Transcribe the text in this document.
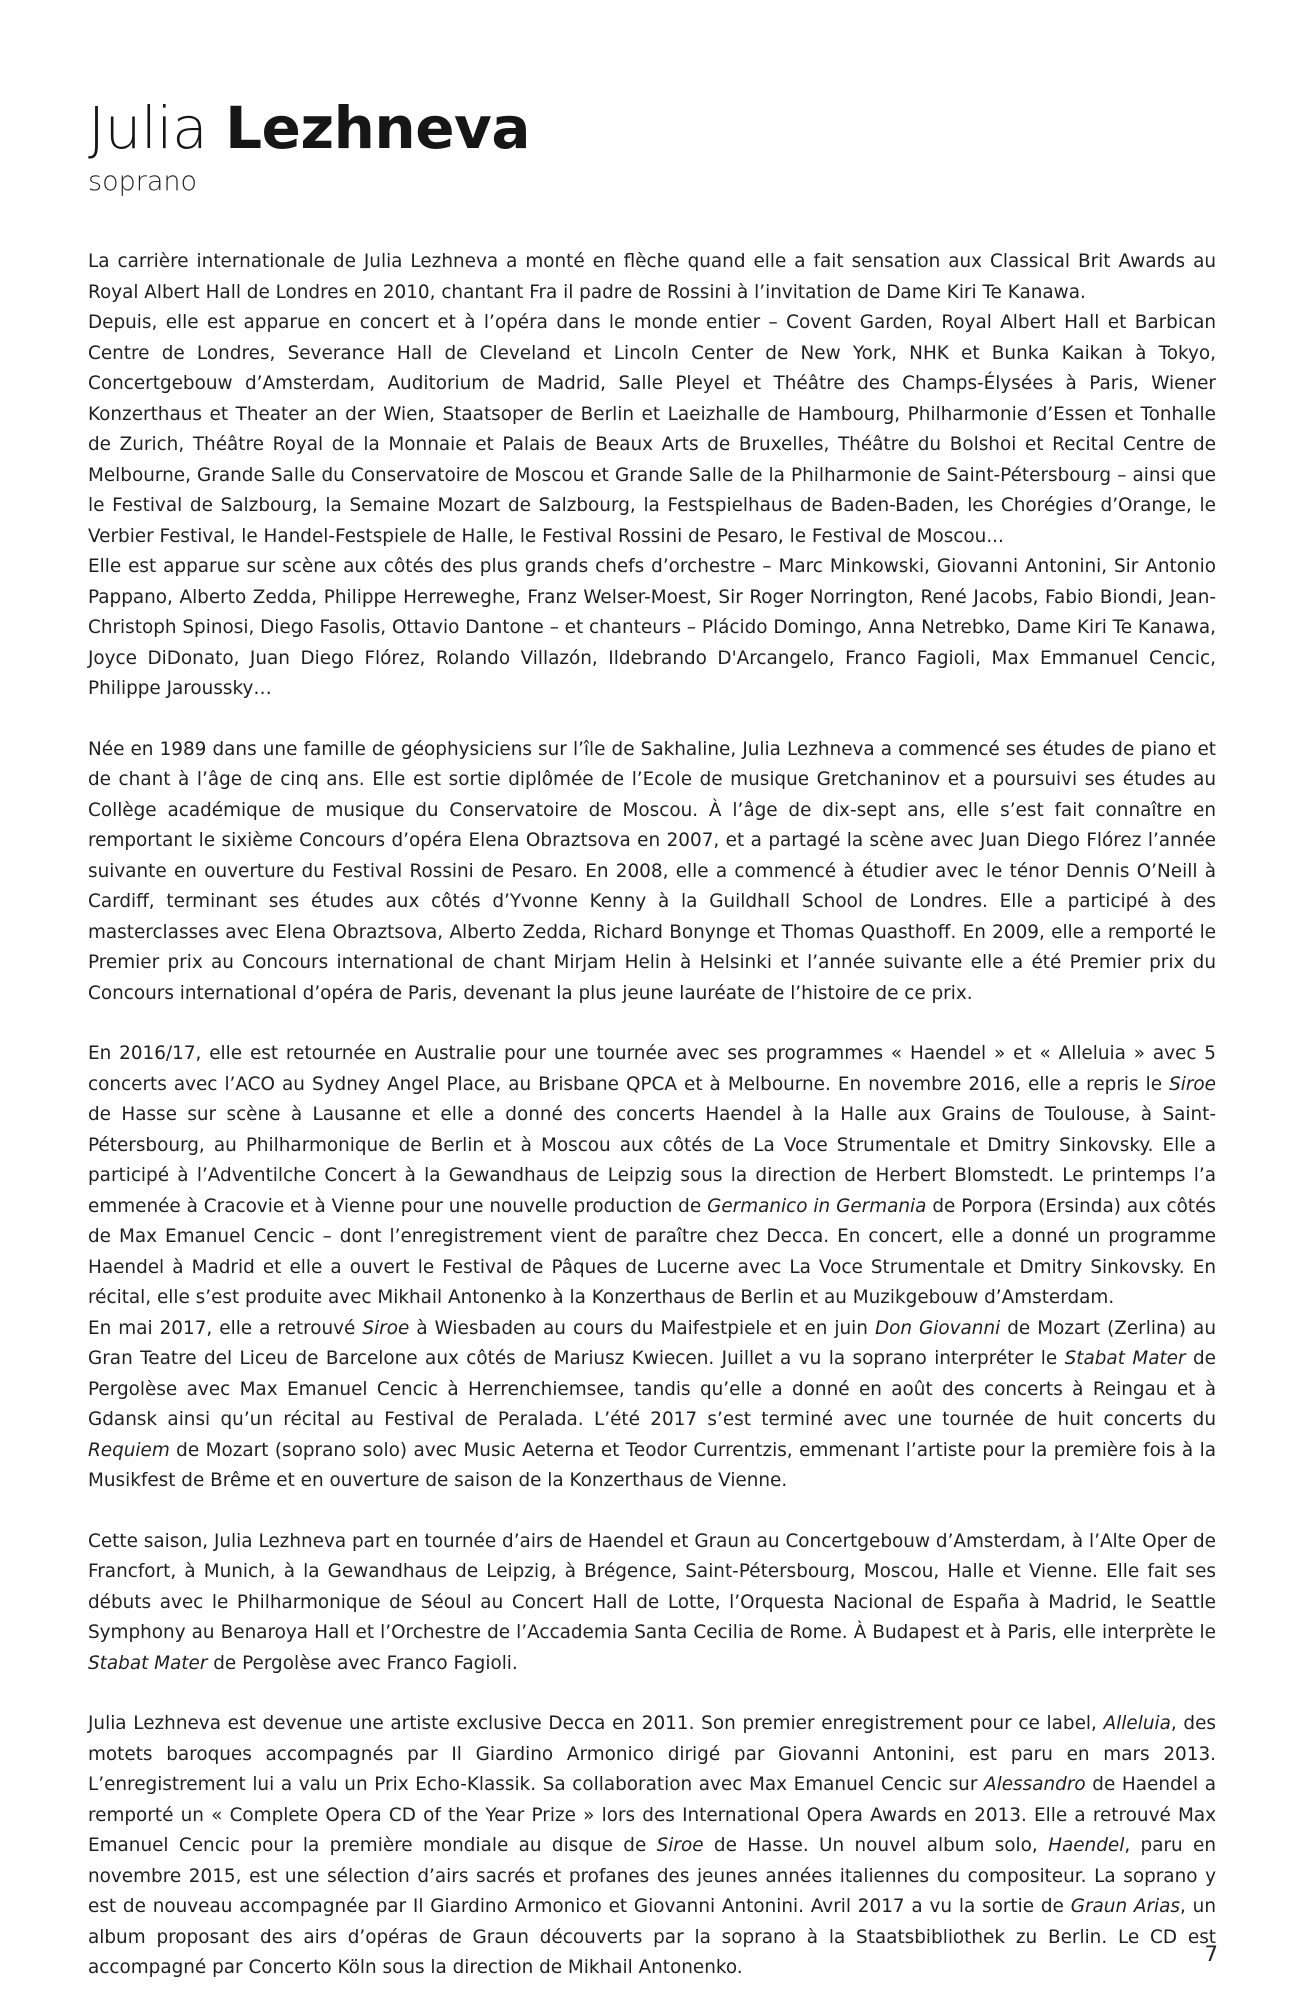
Julia Lezhneva

soprano

La carrière internationale de Julia Lezhneva a monté en flèche quand elle a fait sensation aux Classical Brit Awards au Royal Albert Hall de Londres en 2010, chantant Fra il padre de Rossini à l’invitation de Dame Kiri Te Kanawa.

Depuis, elle est apparue en concert et à l’opéra dans le monde entier – Covent Garden, Royal Albert Hall et Barbican Centre de Londres, Severance Hall de Cleveland et Lincoln Center de New York, NHK et Bunka Kaikan à Tokyo, Concertgebouw d’Amsterdam, Auditorium de Madrid, Salle Pleyel et Théâtre des Champs-Élysées à Paris, Wiener Konzerthaus et Theater an der Wien, Staatsoper de Berlin et Laeizhalle de Hambourg, Philharmonie d’Essen et Tonhalle de Zurich, Théâtre Royal de la Monnaie et Palais de Beaux Arts de Bruxelles, Théâtre du Bolshoi et Recital Centre de Melbourne, Grande Salle du Conservatoire de Moscou et Grande Salle de la Philharmonie de Saint-Pétersbourg – ainsi que le Festival de Salzbourg, la Semaine Mozart de Salzbourg, la Festspielhaus de Baden-Baden, les Chorégies d’Orange, le Verbier Festival, le Handel-Festspiele de Halle, le Festival Rossini de Pesaro, le Festival de Moscou...

Elle est apparue sur scène aux côtés des plus grands chefs d’orchestre – Marc Minkowski, Giovanni Antonini, Sir Antonio Pappano, Alberto Zedda, Philippe Herreweghe, Franz Welser-Moest, Sir Roger Norrington, René Jacobs, Fabio Biondi, Jean-Christoph Spinosi, Diego Fasolis, Ottavio Dantone – et chanteurs – Plácido Domingo, Anna Netrebko, Dame Kiri Te Kanawa, Joyce DiDonato, Juan Diego Flórez, Rolando Villazón, Ildebrando D'Arcangelo, Franco Fagioli, Max Emmanuel Cencic, Philippe Jaroussky…

Née en 1989 dans une famille de géophysiciens sur l’île de Sakhaline, Julia Lezhneva a commencé ses études de piano et de chant à l’âge de cinq ans. Elle est sortie diplômée de l’Ecole de musique Gretchaninov et a poursuivi ses études au Collège académique de musique du Conservatoire de Moscou. À l’âge de dix-sept ans, elle s’est fait connaître en remportant le sixième Concours d’opéra Elena Obraztsova en 2007, et a partagé la scène avec Juan Diego Flórez l’année suivante en ouverture du Festival Rossini de Pesaro. En 2008, elle a commencé à étudier avec le ténor Dennis O’Neill à Cardiff, terminant ses études aux côtés d’Yvonne Kenny à la Guildhall School de Londres. Elle a participé à des masterclasses avec Elena Obraztsova, Alberto Zedda, Richard Bonynge et Thomas Quasthoff. En 2009, elle a remporté le Premier prix au Concours international de chant Mirjam Helin à Helsinki et l’année suivante elle a été Premier prix du Concours international d’opéra de Paris, devenant la plus jeune lauréate de l’histoire de ce prix.

En 2016/17, elle est retournée en Australie pour une tournée avec ses programmes « Haendel » et « Alleluia » avec 5 concerts avec l’ACO au Sydney Angel Place, au Brisbane QPCA et à Melbourne. En novembre 2016, elle a repris le Siroe de Hasse sur scène à Lausanne et elle a donné des concerts Haendel à la Halle aux Grains de Toulouse, à Saint-Pétersbourg, au Philharmonique de Berlin et à Moscou aux côtés de La Voce Strumentale et Dmitry Sinkovsky. Elle a participé à l’Adventilche Concert à la Gewandhaus de Leipzig sous la direction de Herbert Blomstedt. Le printemps l’a emmenée à Cracovie et à Vienne pour une nouvelle production de Germanico in Germania de Porpora (Ersinda) aux côtés de Max Emanuel Cencic – dont l’enregistrement vient de paraître chez Decca. En concert, elle a donné un programme Haendel à Madrid et elle a ouvert le Festival de Pâques de Lucerne avec La Voce Strumentale et Dmitry Sinkovsky. En récital, elle s’est produite avec Mikhail Antonenko à la Konzerthaus de Berlin et au Muzikgebouw d’Amsterdam.

En mai 2017, elle a retrouvé Siroe à Wiesbaden au cours du Maifestpiele et en juin Don Giovanni de Mozart (Zerlina) au Gran Teatre del Liceu de Barcelone aux côtés de Mariusz Kwiecen. Juillet a vu la soprano interpréter le Stabat Mater de Pergolèse avec Max Emanuel Cencic à Herrenchiemsee, tandis qu’elle a donné en août des concerts à Reingau et à Gdansk ainsi qu’un récital au Festival de Peralada. L’été 2017 s’est terminé avec une tournée de huit concerts du Requiem de Mozart (soprano solo) avec Music Aeterna et Teodor Currentzis, emmenant l’artiste pour la première fois à la Musikfest de Brême et en ouverture de saison de la Konzerthaus de Vienne.

Cette saison, Julia Lezhneva part en tournée d’airs de Haendel et Graun au Concertgebouw d’Amsterdam, à l’Alte Oper de Francfort, à Munich, à la Gewandhaus de Leipzig, à Brégence, Saint-Pétersbourg, Moscou, Halle et Vienne. Elle fait ses débuts avec le Philharmonique de Séoul au Concert Hall de Lotte, l’Orquesta Nacional de España à Madrid, le Seattle Symphony au Benaroya Hall et l’Orchestre de l’Accademia Santa Cecilia de Rome. À Budapest et à Paris, elle interprète le Stabat Mater de Pergolèse avec Franco Fagioli.

Julia Lezhneva est devenue une artiste exclusive Decca en 2011. Son premier enregistrement pour ce label, Alleluia, des motets baroques accompagnés par Il Giardino Armonico dirigé par Giovanni Antonini, est paru en mars 2013. L’enregistrement lui a valu un Prix Echo-Klassik. Sa collaboration avec Max Emanuel Cencic sur Alessandro de Haendel a remporté un « Complete Opera CD of the Year Prize » lors des International Opera Awards en 2013. Elle a retrouvé Max Emanuel Cencic pour la première mondiale au disque de Siroe de Hasse. Un nouvel album solo, Haendel, paru en novembre 2015, est une sélection d’airs sacrés et profanes des jeunes années italiennes du compositeur. La soprano y est de nouveau accompagnée par Il Giardino Armonico et Giovanni Antonini. Avril 2017 a vu la sortie de Graun Arias, un album proposant des airs d’opéras de Graun découverts par la soprano à la Staatsbibliothek zu Berlin. Le CD est accompagné par Concerto Köln sous la direction de Mikhail Antonenko.

7
